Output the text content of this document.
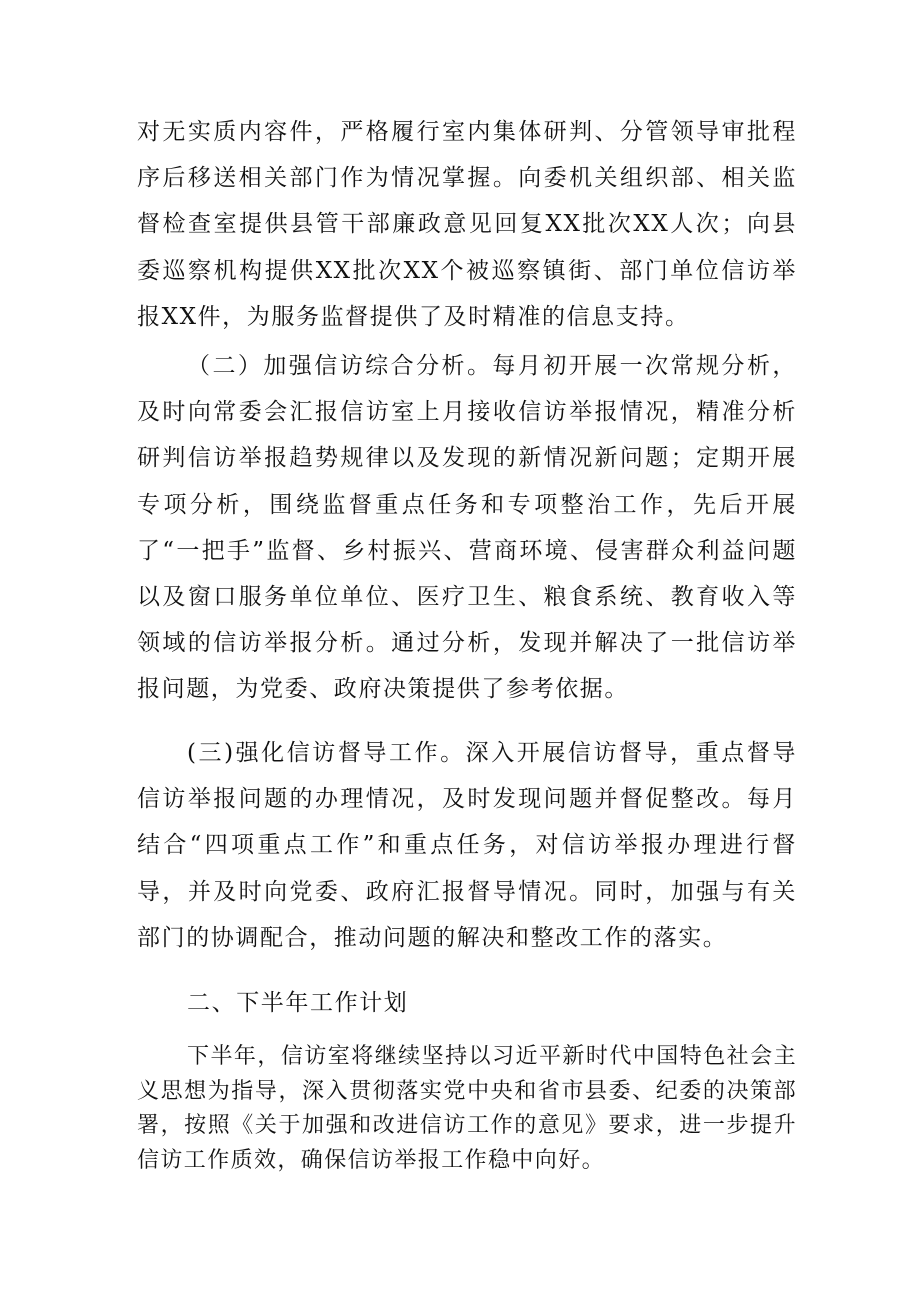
对无实质内容件，严格履行室内集体研判、分管领导审批程序后移送相关部门作为情况掌握。向委机关组织部、相关监督检查室提供县管干部廉政意见回复XX批次XX人次；向县委巡察机构提供XX批次XX个被巡察镇街、部门单位信访举报XX件，为服务监督提供了及时精准的信息支持。

（二）加强信访综合分析。每月初开展一次常规分析，及时向常委会汇报信访室上月接收信访举报情况，精准分析研判信访举报趋势规律以及发现的新情况新问题；定期开展专项分析，围绕监督重点任务和专项整治工作，先后开展了“一把手”监督、乡村振兴、营商环境、侵害群众利益问题以及窗口服务单位单位、医疗卫生、粮食系统、教育收入等领域的信访举报分析。通过分析，发现并解决了一批信访举报问题，为党委、政府决策提供了参考依据。

(三)强化信访督导工作。深入开展信访督导，重点督导信访举报问题的办理情况，及时发现问题并督促整改。每月结合“四项重点工作”和重点任务，对信访举报办理进行督导，并及时向党委、政府汇报督导情况。同时，加强与有关部门的协调配合，推动问题的解决和整改工作的落实。

二、下半年工作计划

下半年，信访室将继续坚持以习近平新时代中国特色社会主义思想为指导，深入贯彻落实党中央和省市县委、纪委的决策部署，按照《关于加强和改进信访工作的意见》要求，进一步提升信访工作质效，确保信访举报工作稳中向好。
